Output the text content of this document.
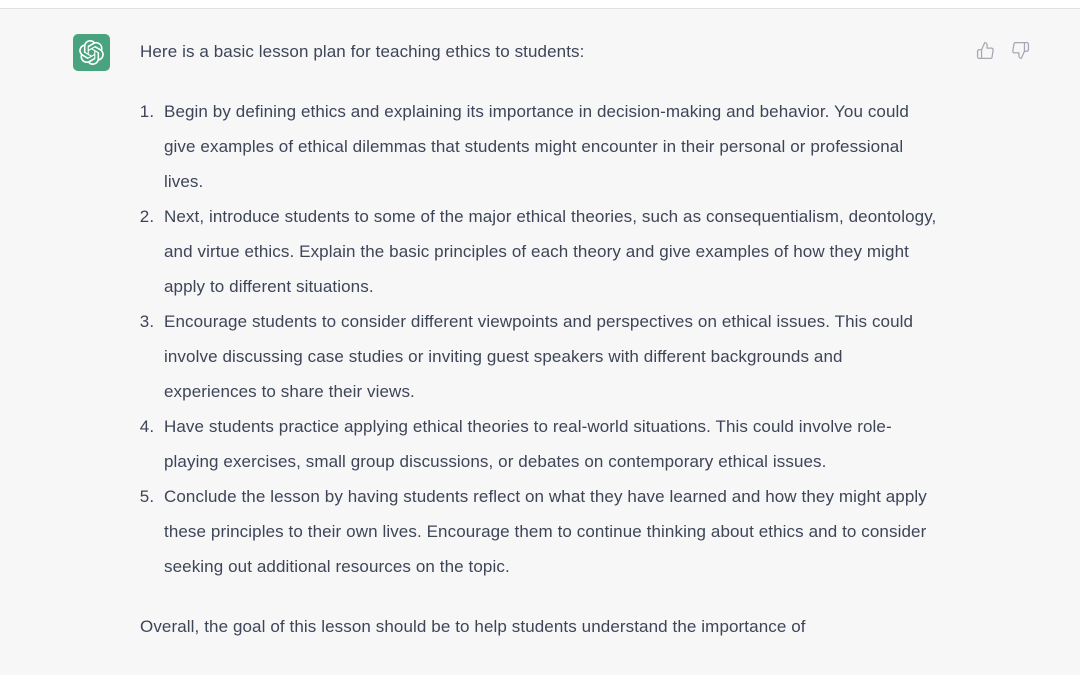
Here is a basic lesson plan for teaching ethics to students:

1. Begin by defining ethics and explaining its importance in decision-making and behavior. You could give examples of ethical dilemmas that students might encounter in their personal or professional lives.
2. Next, introduce students to some of the major ethical theories, such as consequentialism, deontology, and virtue ethics. Explain the basic principles of each theory and give examples of how they might apply to different situations.
3. Encourage students to consider different viewpoints and perspectives on ethical issues. This could involve discussing case studies or inviting guest speakers with different backgrounds and experiences to share their views.
4. Have students practice applying ethical theories to real-world situations. This could involve role-playing exercises, small group discussions, or debates on contemporary ethical issues.
5. Conclude the lesson by having students reflect on what they have learned and how they might apply these principles to their own lives. Encourage them to continue thinking about ethics and to consider seeking out additional resources on the topic.

Overall, the goal of this lesson should be to help students understand the importance of
